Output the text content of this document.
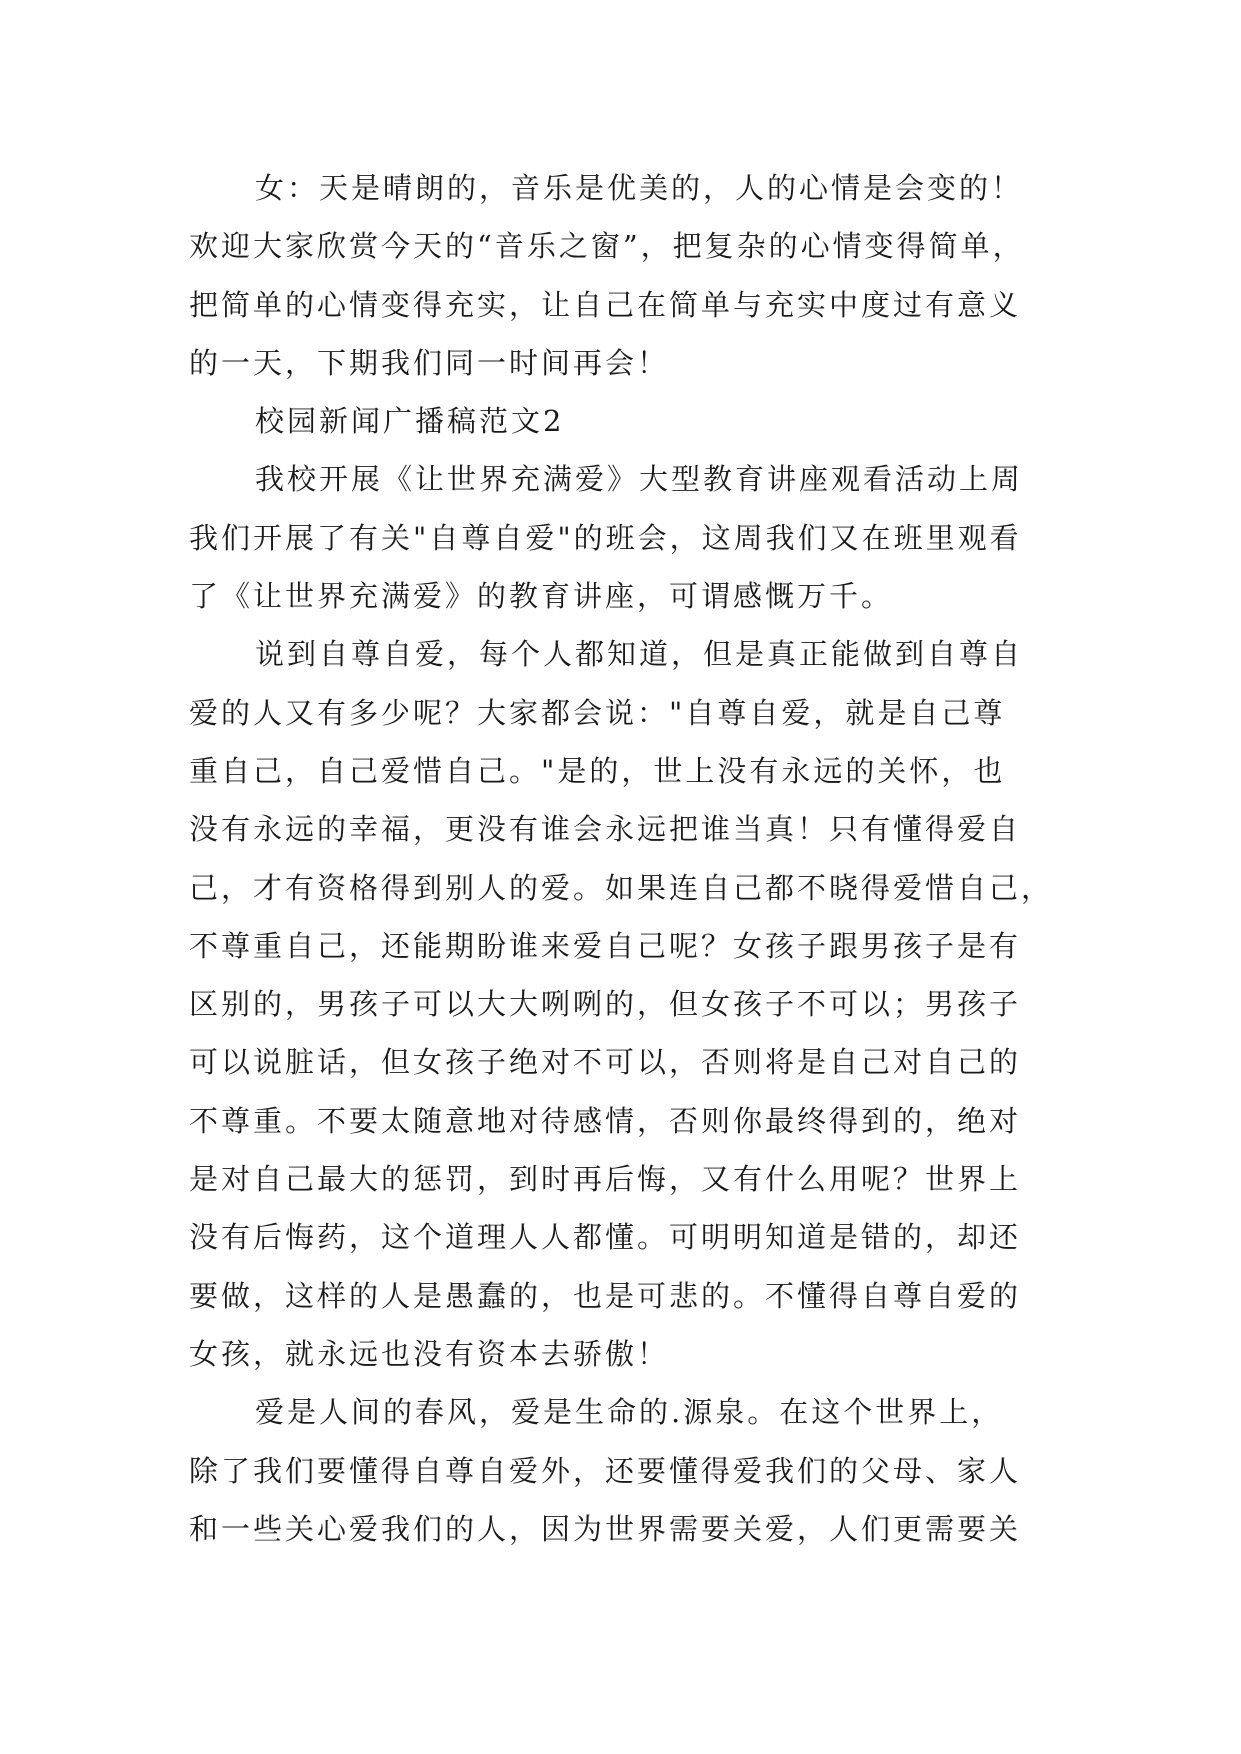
女：天是晴朗的，音乐是优美的，人的心情是会变的！
欢迎大家欣赏今天的“音乐之窗”，把复杂的心情变得简单，
把简单的心情变得充实，让自己在简单与充实中度过有意义
的一天，下期我们同一时间再会！
校园新闻广播稿范文2
我校开展《让世界充满爱》大型教育讲座观看活动上周
我们开展了有关"自尊自爱"的班会，这周我们又在班里观看
了《让世界充满爱》的教育讲座，可谓感慨万千。
说到自尊自爱，每个人都知道，但是真正能做到自尊自
爱的人又有多少呢？大家都会说："自尊自爱，就是自己尊
重自己，自己爱惜自己。"是的，世上没有永远的关怀，也
没有永远的幸福，更没有谁会永远把谁当真！只有懂得爱自
己，才有资格得到别人的爱。如果连自己都不晓得爱惜自己，
不尊重自己，还能期盼谁来爱自己呢？女孩子跟男孩子是有
区别的，男孩子可以大大咧咧的，但女孩子不可以；男孩子
可以说脏话，但女孩子绝对不可以，否则将是自己对自己的
不尊重。不要太随意地对待感情，否则你最终得到的，绝对
是对自己最大的惩罚，到时再后悔，又有什么用呢？世界上
没有后悔药，这个道理人人都懂。可明明知道是错的，却还
要做，这样的人是愚蠢的，也是可悲的。不懂得自尊自爱的
女孩，就永远也没有资本去骄傲！
爱是人间的春风，爱是生命的.源泉。在这个世界上，
除了我们要懂得自尊自爱外，还要懂得爱我们的父母、家人
和一些关心爱我们的人，因为世界需要关爱，人们更需要关
